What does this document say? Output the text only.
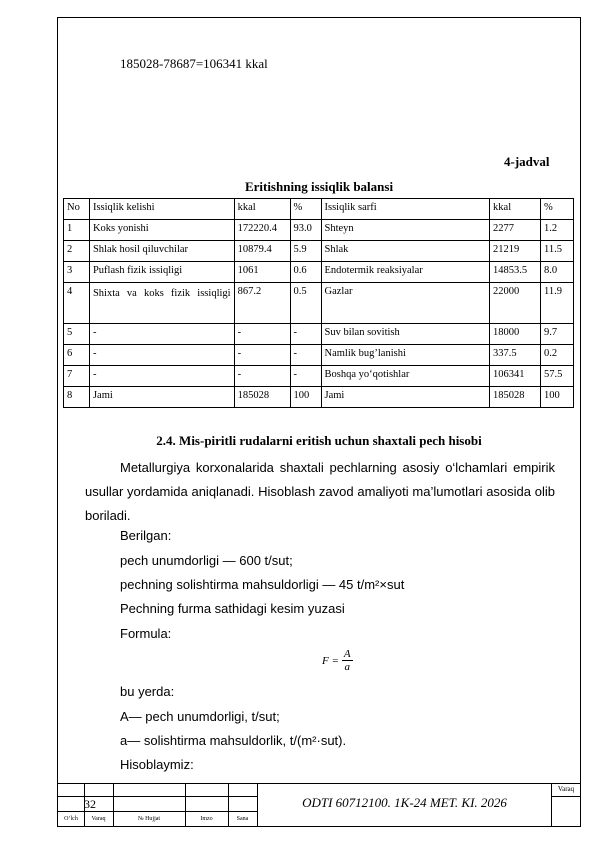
185028-78687=106341 kkal
4-jadval
Eritishning issiqlik balansi
No	Issiqlik kelishi	kkal	%	Issiqlik sarfi	kkal	%
1	Koks yonishi	172220.4	93.0	Shteyn	2277	1.2
2	Shlak hosil qiluvchilar	10879.4	5.9	Shlak	21219	11.5
3	Puflash fizik issiqligi	1061	0.6	Endotermik reaksiyalar	14853.5	8.0
4	Shixta va koks fizik issiqligi	867.2	0.5	Gazlar	22000	11.9
5	-	-	-	Suv bilan sovitish	18000	9.7
6	-	-	-	Namlik bug’lanishi	337.5	0.2
7	-	-	-	Boshqa yo‘qotishlar	106341	57.5
8	Jami	185028	100	Jami	185028	100
2.4. Mis-piritli rudalarni eritish uchun shaxtali pech hisobi
Metallurgiya korxonalarida shaxtali pechlarning asosiy o‘lchamlari empirik usullar yordamida aniqlanadi. Hisoblash zavod amaliyoti ma’lumotlari asosida olib boriladi.
Berilgan:
pech unumdorligi — 600 t/sut;
pechning solishtirma mahsuldorligi — 45 t/m²×sut
Pechning furma sathidagi kesim yuzasi
Formula:
$F = \frac{A}{a}$
bu yerda:
A— pech unumdorligi, t/sut;
a— solishtirma mahsuldorlik, t/(m²·sut).
Hisoblaymiz:
32	ODTI 60712100. 1K-24 MET. KI. 2026
Varaq
O‘lch	Varaq	№ Hujjat	Imzo	Sana
